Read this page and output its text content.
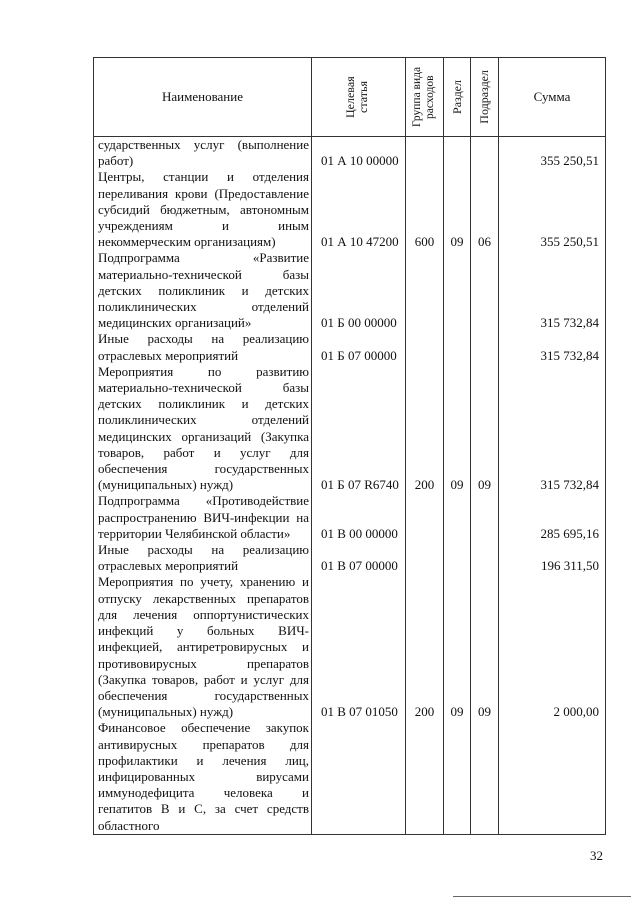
Наименование	Целевая статья	Группа вида расходов	Раздел	Подраздел	Сумма
сударственных услуг (выполнение работ)	01 А 10 00000				355 250,51
Центры, станции и отделения переливания крови (Предоставление субсидий бюджетным, автономным учреждениям и иным некоммерческим организациям)	01 А 10 47200	600	09	06	355 250,51
Подпрограмма «Развитие материально-технической базы детских поликлиник и детских поликлинических отделений медицинских организаций»	01 Б 00 00000				315 732,84
Иные расходы на реализацию отраслевых мероприятий	01 Б 07 00000				315 732,84
Мероприятия по развитию материально-технической базы детских поликлиник и детских поликлинических отделений медицинских организаций (Закупка товаров, работ и услуг для обеспечения государственных (муниципальных) нужд)	01 Б 07 R6740	200	09	09	315 732,84
Подпрограмма «Противодействие распространению ВИЧ-инфекции на территории Челябинской области»	01 В 00 00000				285 695,16
Иные расходы на реализацию отраслевых мероприятий	01 В 07 00000				196 311,50
Мероприятия по учету, хранению и отпуску лекарственных препаратов для лечения оппортунистических инфекций у больных ВИЧ-инфекцией, антиретровирусных и противовирусных препаратов (Закупка товаров, работ и услуг для обеспечения государственных (муниципальных) нужд)	01 В 07 01050	200	09	09	2 000,00
Финансовое обеспечение закупок антивирусных препаратов для профилактики и лечения лиц, инфицированных вирусами иммунодефицита человека и гепатитов В и С, за счет средств областного					
32
